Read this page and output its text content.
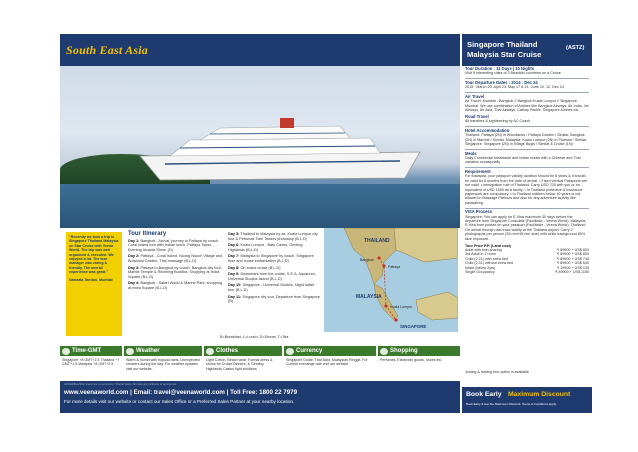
South East Asia
“Recently we took a trip to Singapore Thailand Malaysia on Star Cruise with Veena World. The trip was well organised & executed. We enjoyed a lot. The tour manager was caring & friendly. The overall experience was great.”
Namrata Tandon, Mumbai
Tour Itinerary
Day 1: Bangkok - Arrival, journey to Pattaya by coach. Coral Island tour with Indian lunch. Pattaya Tower, Evening Alcazar Show. (D)
Day 2: Pattaya - Coral Island, Noong Nooch Village and Botanical Garden, Thai massage (B,L,D)
Day 3: Pattaya to Bangkok by coach. Bangkok city tour, Marble Temple & Reclining Buddha. Shopping at Indra Square (B,L,D)
Day 4: Bangkok - Safari World & Marine Park, shopping at Indra Square (B,L,D)
Day 5: Thailand to Malaysia by air. Kuala Lumpur city tour & Petronas Twin Towers photostop (B,L,D)
Day 6: Kuala Lumpur - Batu Caves, Genting Highlands (B,L,D)
Day 7: Malaysia to Singapore by coach. Singapore flyer and cruise embarkation (B,L,D)
Day 8: On board cruise (B,L,D)
Day 9: Disembark from the cruise, S.E.A. Aquarium, Universal Studios Island (B,L,D)
Day 10: Singapore - Universal Studios, Night safari tour (B,L,D)
Day 11: Singapore city tour, Departure from Singapore (B)
THAILAND
Bangkok
Pattaya
MALAYSIA
Kuala Lumpur
SINGAPORE
B=Breakfast, L=Lunch, D=Dinner, T=Tea
Time-GMT
Singapore +8 GMT+2.5 Thailand +7 GMT+1.5 Malaysia +8 GMT+2.5
Weather
Warm & humid with tropical rains. Unexpected showers during the day. For weather updates visit our website.
Clothes
Light Cotton, Beach wear, Formal dress & shoes for Cruise Dinners, & Genting Highlands Casino light woollens
Currency
Singapore Dollar, Thai Baht, Malaysian Ringgit. For Current exchange rate visit our website.
Shopping
Perfumes, Electronic goods, shoes etc.
Air/Rail/Bus/Ship travel are on economy / Tourist basis. All rates are inclusive of service tax.
www.veenaworld.com | Email: travel@veenaworld.com | Toll Free: 1800 22 7979
For more details visit our website or contact our Sales Office or a Preferred Sales Partner at your nearby location.
Singapore Thailand
Malaysia Star Cruise
(ASTZ)
Tour Duration : 11 Days | 10 Nights
Visit 9 interesting cities of 3 Beautiful countries on a Cruise
Tour Departure Dates : 2014 : Dec 24
2015 : March 20, April 23, May 17 & 21, June 10, 12, Dec 24
Air Travel
Air Travel: Mumbai - Bangkok // Bangkok-Kuala Lumpur // Singapore - Mumbai. We use combination of Airlines like Bangkok Airways, Air India, Jet Airways, Air Asia, Thai Airways, Cathay Pacific, Singapore Airlines etc.
Road Travel
All transfers & sightseeing by AC Coach
Hotel Accommodation
Thailand: Pattaya (2N) in Woodlands / Pattaya Garden / Similar. Bangkok (2N) in Marriott / Similar. Malaysia: Kuala Lumpur (2N) in Pullman / Similar. Singapore: Singapore (2N) in Village Bugis / Similar & Cruise (1N)
Meals
Daily Continental breakfasts and Indian meals with a Chinese and Thai variation occasionally
Requirement
For Malaysia, your passport validity duration should be 6 years & it should be valid for 6 months from the date of arrival. • Fixed vertical Passports are not valid. • Immigration rule of Thailand: Carry USD 700 with you or an equivalent of USD 1500 as a family. • In Thailand protective & insurance paperwork are compulsory. • In Thailand children below 10 years is not allowed in Massage Parlours and also for any adventure activity like parasailing.
VISA Process
Singapore: You can apply for E-Visa maximum 30 days before the departure from Singapore Consulate (Facilitator - Veena World). Malaysia: E-Visa from posted on your passport (Facilitator - Veena World). Thailand: On arrival through fast track facility at the Thailand airport. Carry 2 photographs per person (35 mm*45 mm size) with white background 80% face exposure.
Tour Price P.P. (Land cost)
Adult with twin sharing	₹ 89900 + US$ 800
3rd Adult in 1 room	₹ 89900 + US$ 800
Child (2-11) with extra bed	₹ 89900 + US$ 740
Child (2-11) without extra bed	₹ 89900 + US$ 640
Infant (below 2yrs)	₹ 19900 + US$ 135
Single Occupancy	₹ 89900 + US$ 1150
Joining & leaving tour option is available
Book Early Maximum Discount
Book Early & Get the Maximum Discount. Terms & Conditions apply.
